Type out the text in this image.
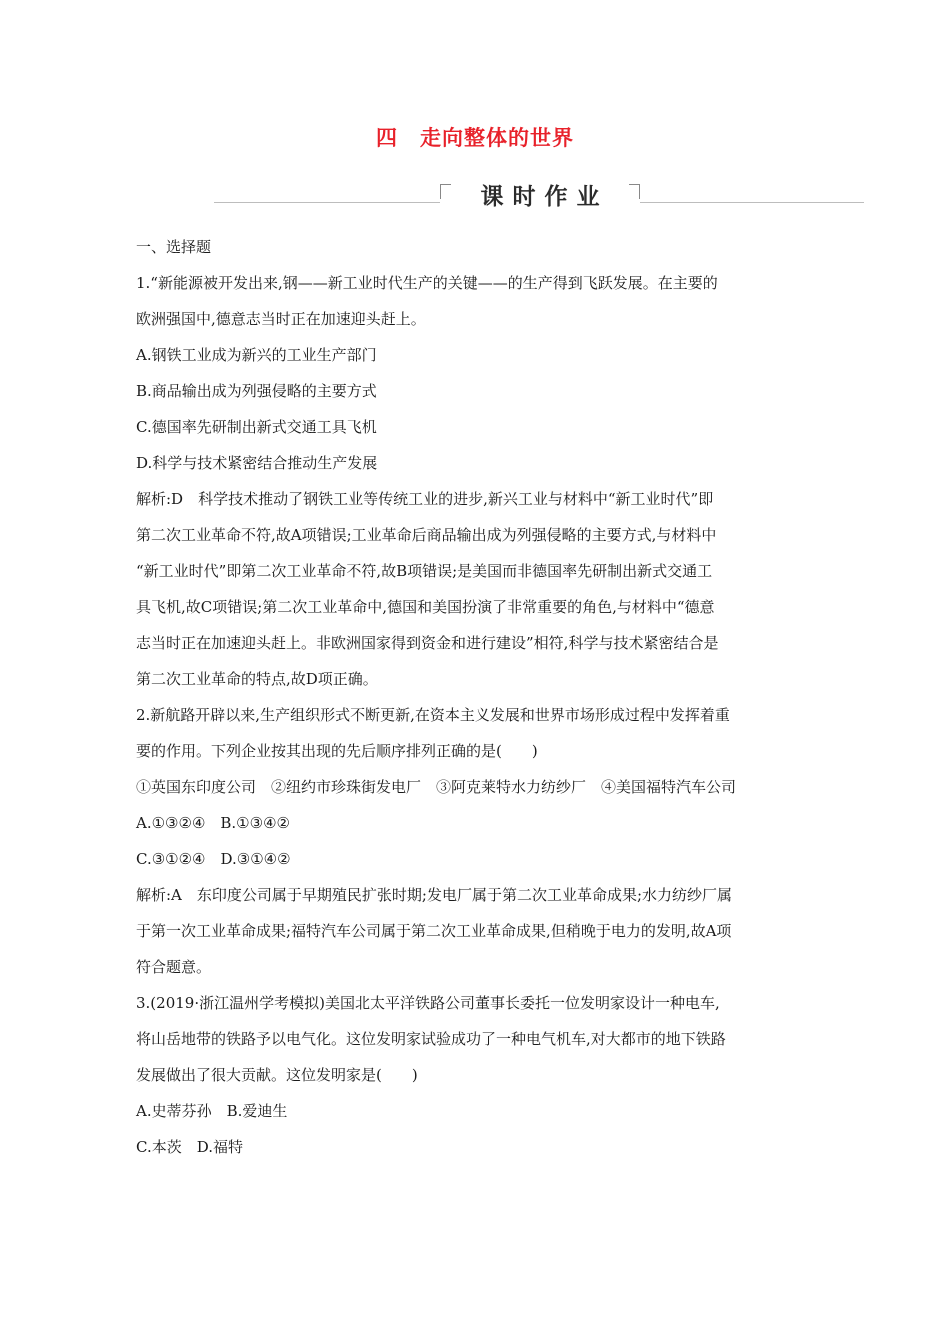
四　走向整体的世界
课时作业

一、选择题

1.“新能源被开发出来,钢——新工业时代生产的关键——的生产得到飞跃发展。在主要的

欧洲强国中,德意志当时正在加速迎头赶上。

A.钢铁工业成为新兴的工业生产部门

B.商品输出成为列强侵略的主要方式

C.德国率先研制出新式交通工具飞机

D.科学与技术紧密结合推动生产发展

解析:D　科学技术推动了钢铁工业等传统工业的进步,新兴工业与材料中“新工业时代”即

第二次工业革命不符,故A项错误;工业革命后商品输出成为列强侵略的主要方式,与材料中

“新工业时代”即第二次工业革命不符,故B项错误;是美国而非德国率先研制出新式交通工

具飞机,故C项错误;第二次工业革命中,德国和美国扮演了非常重要的角色,与材料中“德意

志当时正在加速迎头赶上。非欧洲国家得到资金和进行建设”相符,科学与技术紧密结合是

第二次工业革命的特点,故D项正确。

2.新航路开辟以来,生产组织形式不断更新,在资本主义发展和世界市场形成过程中发挥着重

要的作用。下列企业按其出现的先后顺序排列正确的是(　　)

①英国东印度公司　②纽约市珍珠街发电厂　③阿克莱特水力纺纱厂　④美国福特汽车公司

A.①③②④　B.①③④②

C.③①②④　D.③①④②

解析:A　东印度公司属于早期殖民扩张时期;发电厂属于第二次工业革命成果;水力纺纱厂属

于第一次工业革命成果;福特汽车公司属于第二次工业革命成果,但稍晚于电力的发明,故A项

符合题意。

3.(2019·浙江温州学考模拟)美国北太平洋铁路公司董事长委托一位发明家设计一种电车,

将山岳地带的铁路予以电气化。这位发明家试验成功了一种电气机车,对大都市的地下铁路

发展做出了很大贡献。这位发明家是(　　)

A.史蒂芬孙　B.爱迪生

C.本茨　D.福特
